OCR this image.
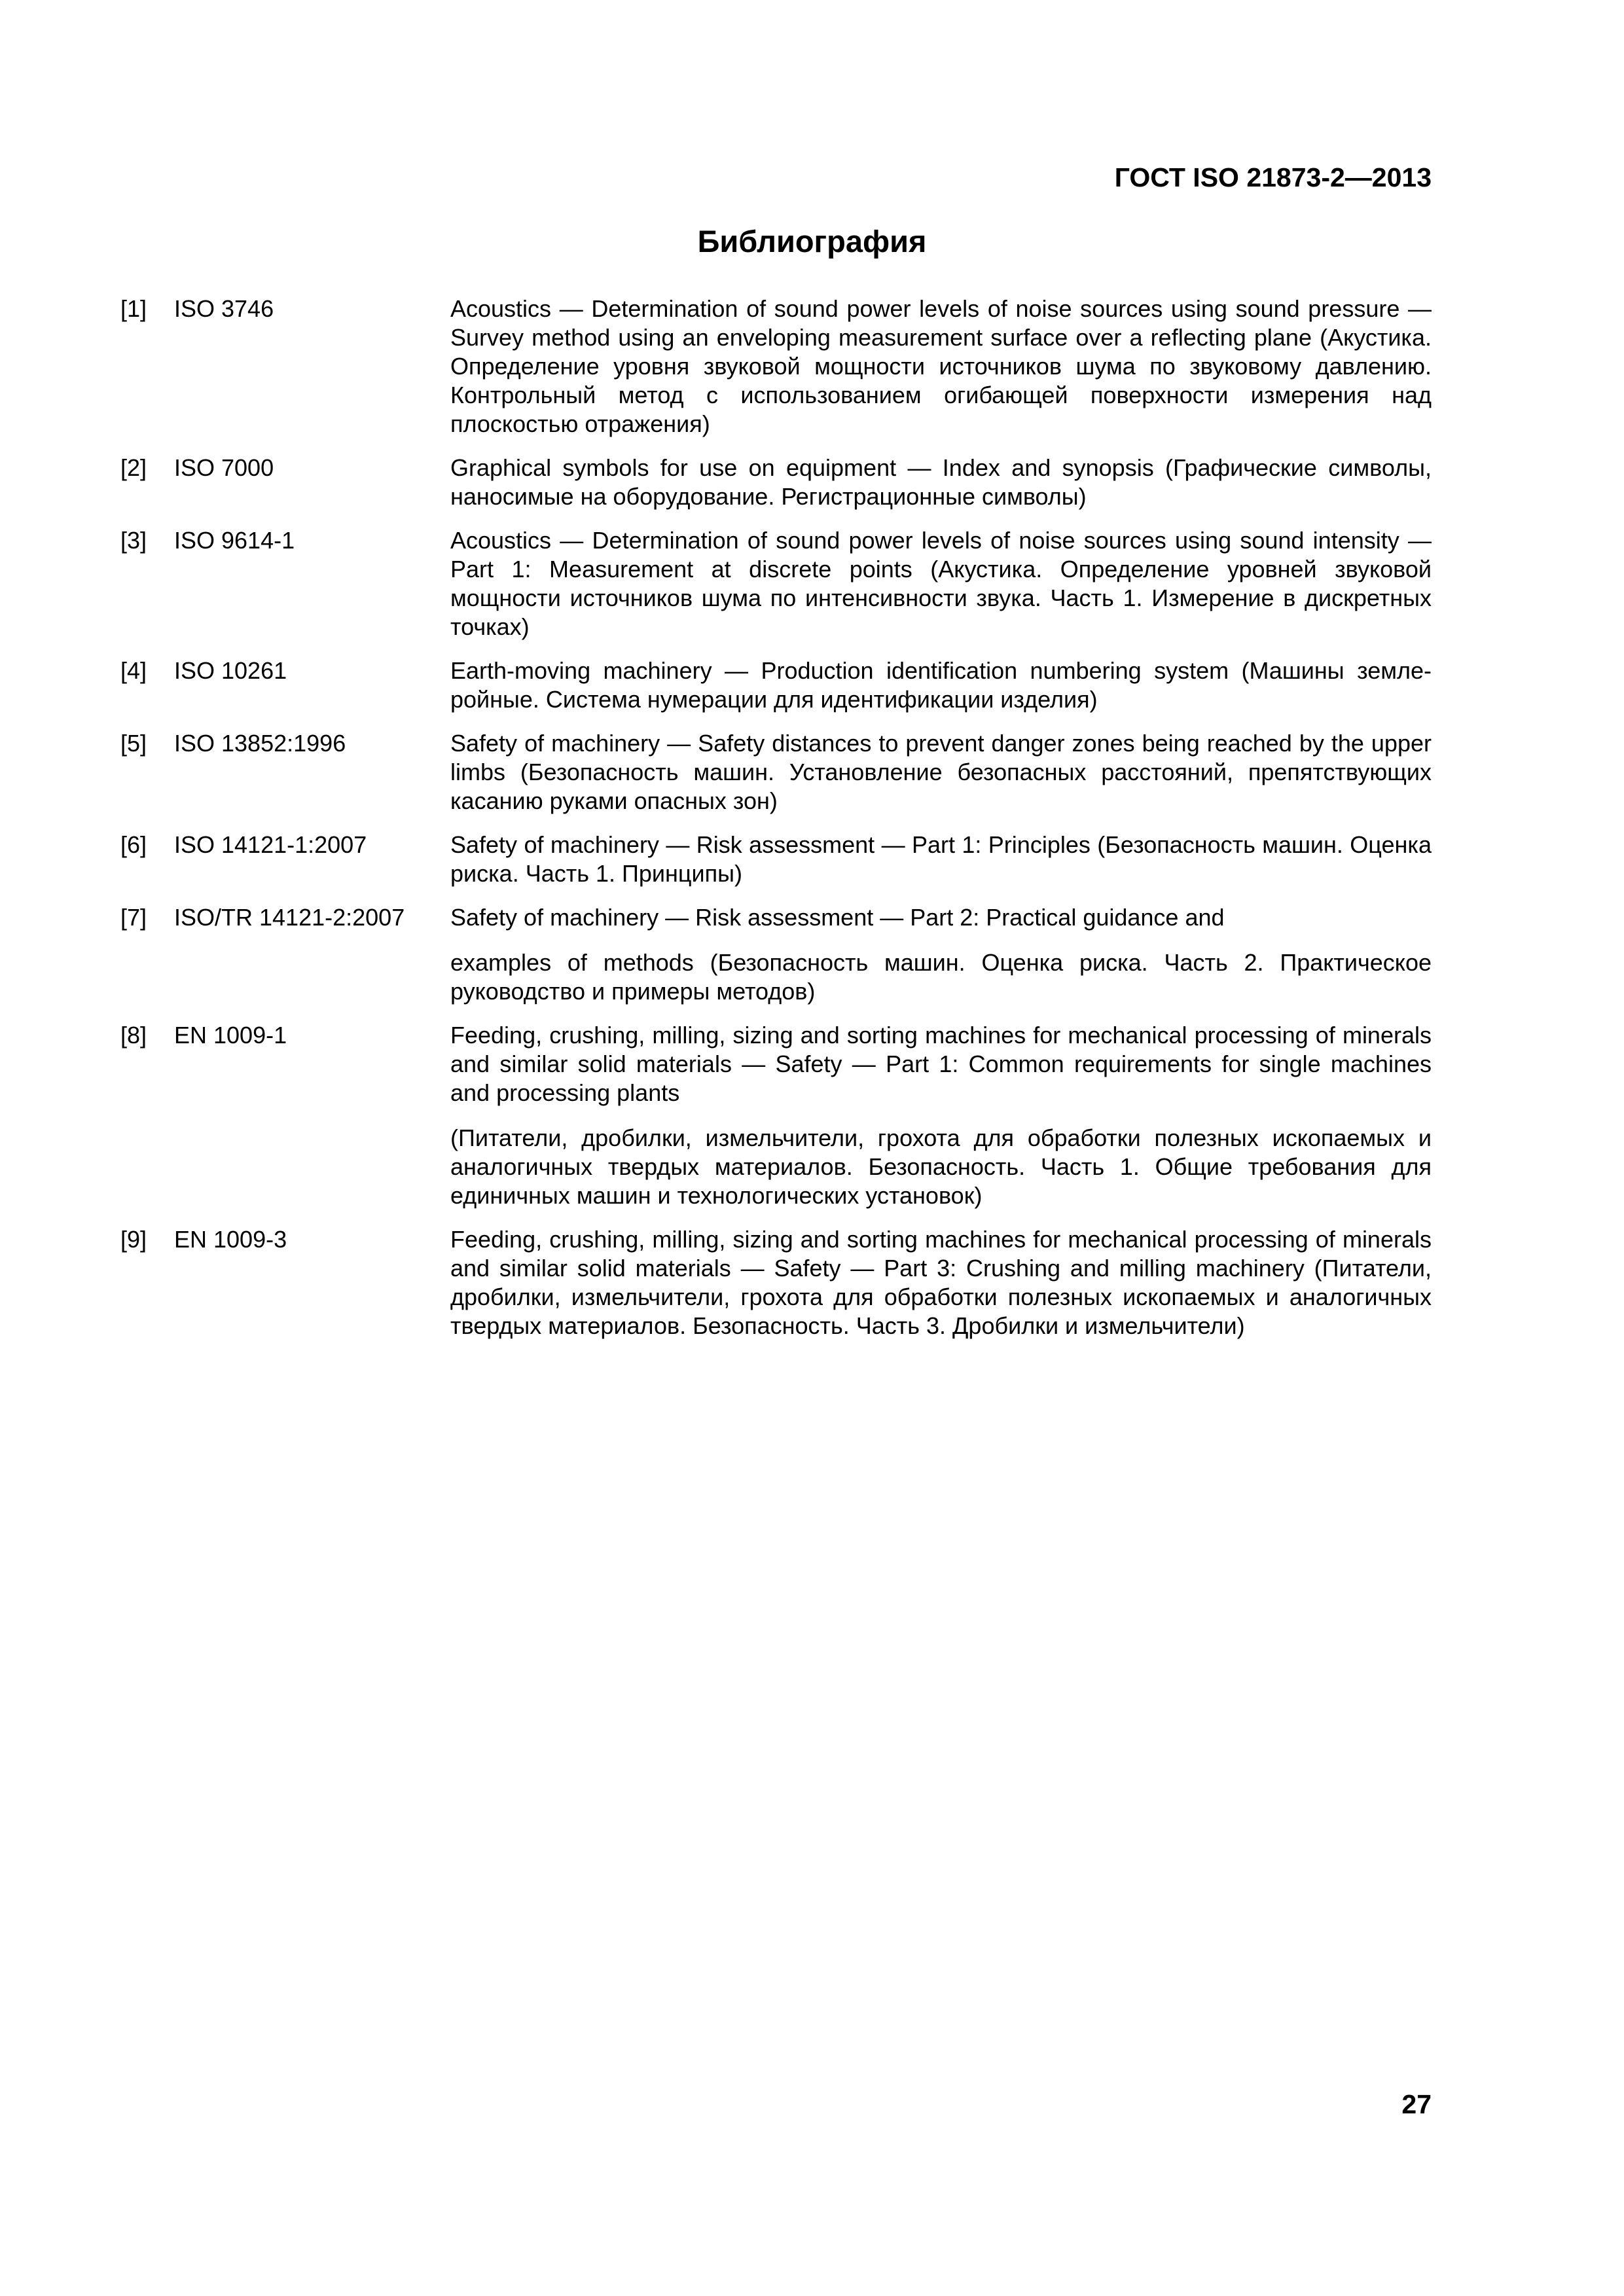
ГОСТ ISO 21873-2—2013
Библиография
[1] ISO 3746	Acoustics — Determination of sound power levels of noise sources using sound pressure — Survey method using an enveloping measurement surface over a reflecting plane (Акустика. Определение уровня звуковой мощности источников шума по звуковому давлению. Контрольный метод с использованием огибающей поверхности измерения над плоскостью отражения)

[2] ISO 7000	Graphical symbols for use on equipment — Index and synopsis (Графические символы, наносимые на оборудование. Регистрационные символы)

[3] ISO 9614-1	Acoustics — Determination of sound power levels of noise sources using sound intensity — Part 1: Measurement at discrete points (Акустика. Определение уровней звуковой мощности источников шума по интенсивности звука. Часть 1. Измерение в дискретных точках)

[4] ISO 10261	Earth-moving machinery — Production identification numbering system (Машины землеройные. Система нумерации для идентификации изделия)

[5] ISO 13852:1996	Safety of machinery — Safety distances to prevent danger zones being reached by the upper limbs (Безопасность машин. Установление безопасных расстояний, препятствующих касанию руками опасных зон)

[6] ISO 14121-1:2007	Safety of machinery — Risk assessment — Part 1: Principles (Безопасность машин. Оценка риска. Часть 1. Принципы)

[7] ISO/TR 14121-2:2007 Safety of machinery — Risk assessment — Part 2: Practical guidance and

examples of methods (Безопасность машин. Оценка риска. Часть 2. Практическое руководство и примеры методов)

[8] EN 1009-1	Feeding, crushing, milling, sizing and sorting machines for mechanical processing of minerals and similar solid materials — Safety — Part 1: Common requirements for single machines and processing plants

(Питатели, дробилки, измельчители, грохота для обработки полезных ископаемых и аналогичных твердых материалов. Безопасность. Часть 1. Общие требования для единичных машин и технологических установок)

[9] EN 1009-3	Feeding, crushing, milling, sizing and sorting machines for mechanical processing of minerals and similar solid materials — Safety — Part 3: Crushing and milling machinery (Питатели, дробилки, измельчители, грохота для обработки полезных ископаемых и аналогичных твердых материалов. Безопасность. Часть 3. Дробилки и измельчители)

27
